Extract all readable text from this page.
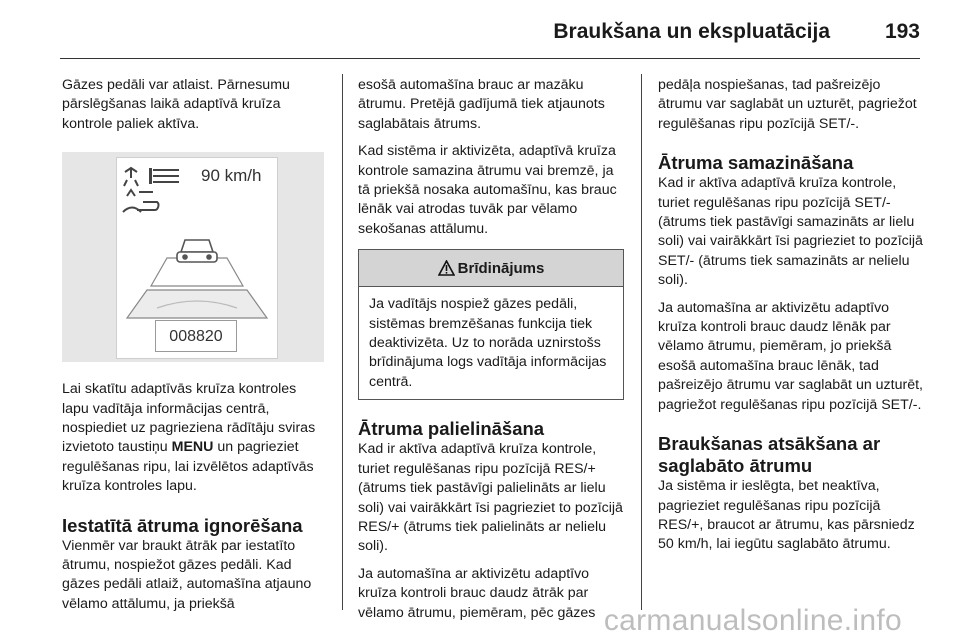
Braukšana un ekspluatācija	193

Gāzes pedāli var atlaist. Pārnesumu pārslēgšanas laikā adaptīvā kruīza kontrole paliek aktīva.

90 km/h
008820

Lai skatītu adaptīvās kruīza kontroles lapu vadītāja informācijas centrā, nospiediet uz pagrieziena rādītāju sviras izvietoto taustiņu MENU un pagrieziet regulēšanas ripu, lai izvēlētos adaptīvās kruīza kontroles lapu.

Iestatītā ātruma ignorēšana

Vienmēr var braukt ātrāk par iestatīto ātrumu, nospiežot gāzes pedāli. Kad gāzes pedāli atlaiž, automašīna atjauno vēlamo attālumu, ja priekšā

esošā automašīna brauc ar mazāku ātrumu. Pretējā gadījumā tiek atjaunots saglabātais ātrums.

Kad sistēma ir aktivizēta, adaptīvā kruīza kontrole samazina ātrumu vai bremzē, ja tā priekšā nosaka automašīnu, kas brauc lēnāk vai atrodas tuvāk par vēlamo sekošanas attālumu.

Brīdinājums

Ja vadītājs nospiež gāzes pedāli, sistēmas bremzēšanas funkcija tiek deaktivizēta. Uz to norāda uznirstošs brīdinājuma logs vadītāja informācijas centrā.

Ātruma palielināšana

Kad ir aktīva adaptīvā kruīza kontrole, turiet regulēšanas ripu pozīcijā RES/+ (ātrums tiek pastāvīgi palielināts ar lielu soli) vai vairākkārt īsi pagrieziet to pozīcijā RES/+ (ātrums tiek palielināts ar nelielu soli).

Ja automašīna ar aktivizētu adaptīvo kruīza kontroli brauc daudz ātrāk par vēlamo ātrumu, piemēram, pēc gāzes

pedāļa nospiešanas, tad pašreizējo ātrumu var saglabāt un uzturēt, pagriežot regulēšanas ripu pozīcijā SET/-.

Ātruma samazināšana

Kad ir aktīva adaptīvā kruīza kontrole, turiet regulēšanas ripu pozīcijā SET/- (ātrums tiek pastāvīgi samazināts ar lielu soli) vai vairākkārt īsi pagrieziet to pozīcijā SET/- (ātrums tiek samazināts ar nelielu soli).

Ja automašīna ar aktivizētu adaptīvo kruīza kontroli brauc daudz lēnāk par vēlamo ātrumu, piemēram, jo priekšā esošā automašīna brauc lēnāk, tad pašreizējo ātrumu var saglabāt un uzturēt, pagriežot regulēšanas ripu pozīcijā SET/-.

Braukšanas atsākšana ar saglabāto ātrumu

Ja sistēma ir ieslēgta, bet neaktīva, pagrieziet regulēšanas ripu pozīcijā RES/+, braucot ar ātrumu, kas pārsniedz 50 km/h, lai iegūtu saglabāto ātrumu.

carmanualsonline.info
